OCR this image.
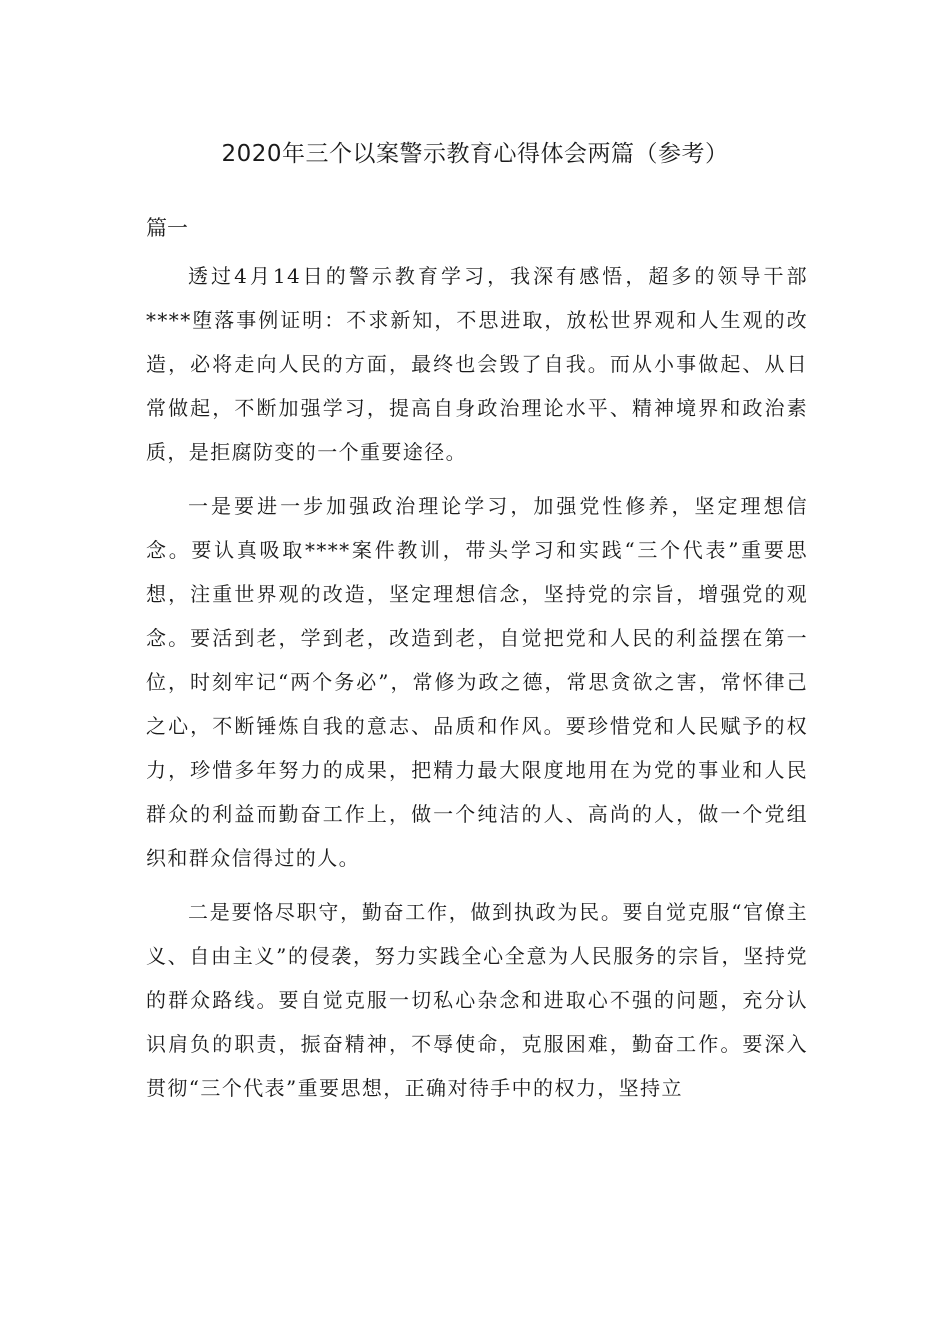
2020年三个以案警示教育心得体会两篇（参考）
篇一

透过4月14日的警示教育学习，我深有感悟，超多的领导干部****堕落事例证明：不求新知，不思进取，放松世界观和人生观的改造，必将走向人民的方面，最终也会毁了自我。而从小事做起、从日常做起，不断加强学习，提高自身政治理论水平、精神境界和政治素质，是拒腐防变的一个重要途径。

一是要进一步加强政治理论学习，加强党性修养，坚定理想信念。要认真吸取****案件教训，带头学习和实践“三个代表”重要思想，注重世界观的改造，坚定理想信念，坚持党的宗旨，增强党的观念。要活到老，学到老，改造到老，自觉把党和人民的利益摆在第一位，时刻牢记“两个务必”，常修为政之德，常思贪欲之害，常怀律己之心，不断锤炼自我的意志、品质和作风。要珍惜党和人民赋予的权力，珍惜多年努力的成果，把精力最大限度地用在为党的事业和人民群众的利益而勤奋工作上，做一个纯洁的人、高尚的人，做一个党组织和群众信得过的人。

二是要恪尽职守，勤奋工作，做到执政为民。要自觉克服“官僚主义、自由主义”的侵袭，努力实践全心全意为人民服务的宗旨，坚持党的群众路线。要自觉克服一切私心杂念和进取心不强的问题，充分认识肩负的职责，振奋精神，不辱使命，克服困难，勤奋工作。要深入贯彻“三个代表”重要思想，正确对待手中的权力，坚持立
